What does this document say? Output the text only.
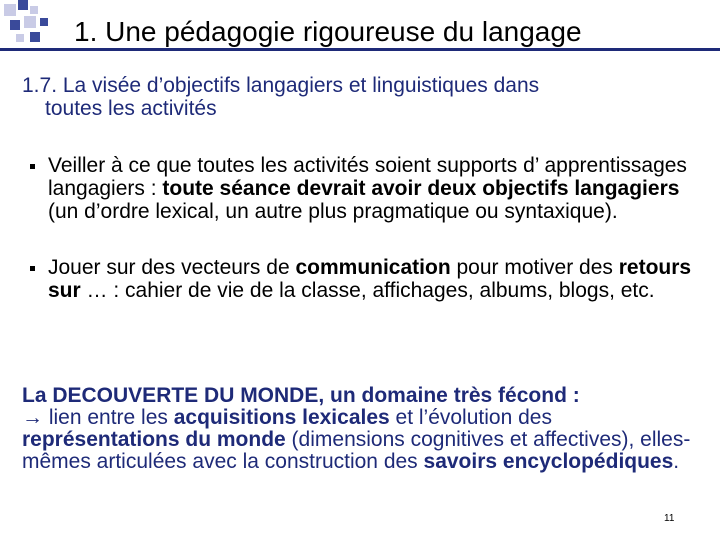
1. Une pédagogie rigoureuse du langage
1.7. La visée d’objectifs langagiers et linguistiques dans
toutes les activités
Veiller à ce que toutes les activités soient supports d’ apprentissages langagiers : toute séance devrait avoir deux objectifs langagiers (un d’ordre lexical, un autre plus pragmatique ou syntaxique).
Jouer sur des vecteurs de communication pour motiver des retours sur … : cahier de vie de la classe, affichages, albums, blogs, etc.
La DECOUVERTE DU MONDE, un domaine très fécond :
→ lien entre les acquisitions lexicales et l’évolution des représentations du monde (dimensions cognitives et affectives), elles-mêmes articulées avec la construction des savoirs encyclopédiques.
11
